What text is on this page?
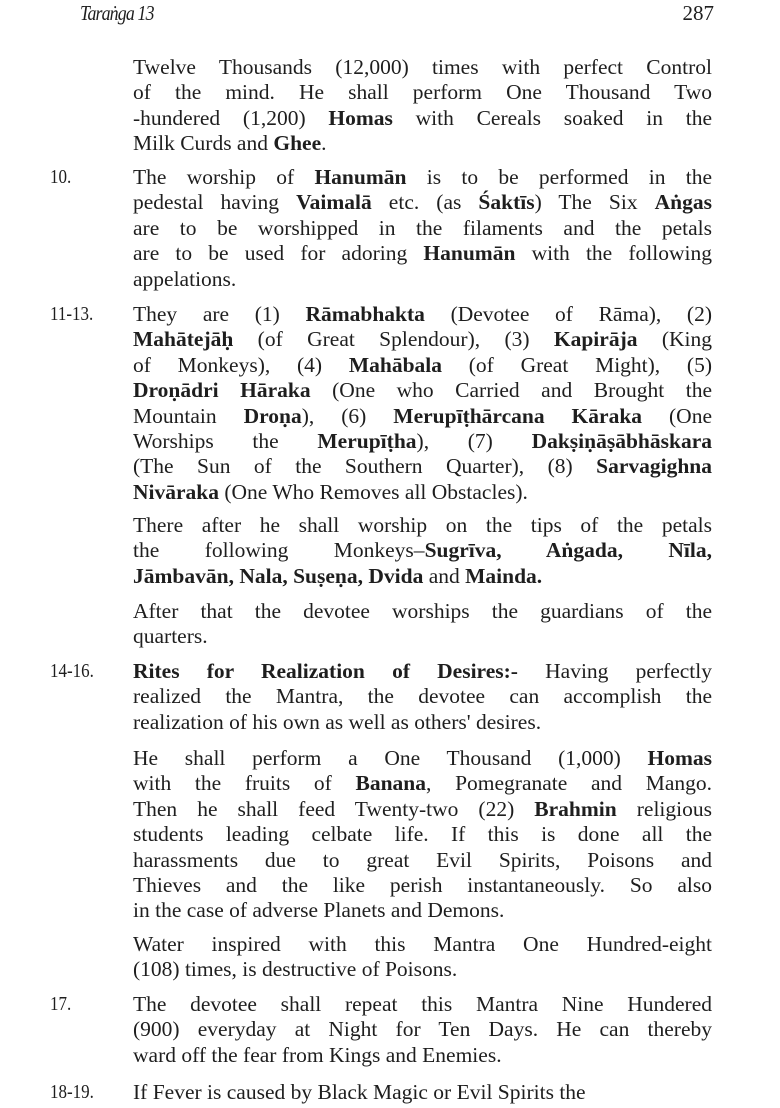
Taraṅga 13	287
Twelve Thousands (12,000) times with perfect Control
of the mind. He shall perform One Thousand Two
-hundered (1,200) Homas with Cereals soaked in the
Milk Curds and Ghee.
10.	The worship of Hanumān is to be performed in the
pedestal having Vaimalā etc. (as Śaktīs) The Six Aṅgas
are to be worshipped in the filaments and the petals
are to be used for adoring Hanumān with the following
appelations.
11-13.	They are (1) Rāmabhakta (Devotee of Rāma), (2)
Mahātejāḥ (of Great Splendour), (3) Kapirāja (King
of Monkeys), (4) Mahābala (of Great Might), (5)
Droṇādri Hāraka (One who Carried and Brought the
Mountain Droṇa), (6) Merupīṭhārcana Kāraka (One
Worships the Merupīṭha), (7) Dakṣiṇāṣābhāskara
(The Sun of the Southern Quarter), (8) Sarvagighna
Nivāraka (One Who Removes all Obstacles).
There after he shall worship on the tips of the petals
the following Monkeys–Sugrīva, Aṅgada, Nīla,
Jāmbavān, Nala, Suṣeṇa, Dvida and Mainda.
After that the devotee worships the guardians of the
quarters.
14-16.	Rites for Realization of Desires:- Having perfectly
realized the Mantra, the devotee can accomplish the
realization of his own as well as others' desires.
He shall perform a One Thousand (1,000) Homas
with the fruits of Banana, Pomegranate and Mango.
Then he shall feed Twenty-two (22) Brahmin religious
students leading celbate life. If this is done all the
harassments due to great Evil Spirits, Poisons and
Thieves and the like perish instantaneously. So also
in the case of adverse Planets and Demons.
Water inspired with this Mantra One Hundred-eight
(108) times, is destructive of Poisons.
17.	The devotee shall repeat this Mantra Nine Hundered
(900) everyday at Night for Ten Days. He can thereby
ward off the fear from Kings and Enemies.
18-19.	If Fever is caused by Black Magic or Evil Spirits the
